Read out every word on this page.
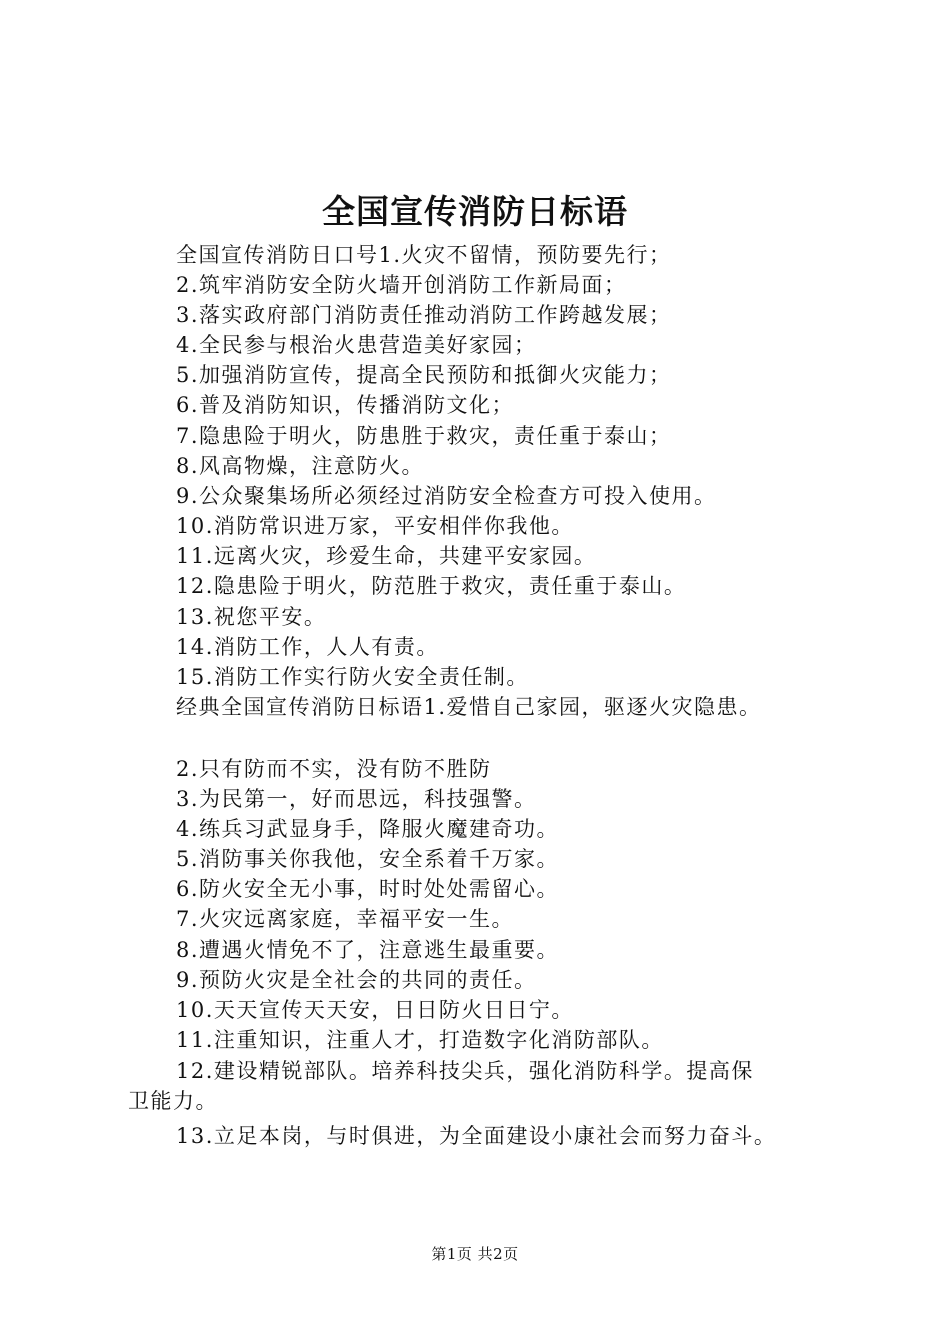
全国宣传消防日标语
全国宣传消防日口号1.火灾不留情，预防要先行；
2.筑牢消防安全防火墙开创消防工作新局面；
3.落实政府部门消防责任推动消防工作跨越发展；
4.全民参与根治火患营造美好家园；
5.加强消防宣传，提高全民预防和抵御火灾能力；
6.普及消防知识，传播消防文化；
7.隐患险于明火，防患胜于救灾，责任重于泰山；
8.风高物燥，注意防火。
9.公众聚集场所必须经过消防安全检查方可投入使用。
10.消防常识进万家，平安相伴你我他。
11.远离火灾，珍爱生命，共建平安家园。
12.隐患险于明火，防范胜于救灾，责任重于泰山。
13.祝您平安。
14.消防工作，人人有责。
15.消防工作实行防火安全责任制。
经典全国宣传消防日标语1.爱惜自己家园，驱逐火灾隐患。
2.只有防而不实，没有防不胜防
3.为民第一，好而思远，科技强警。
4.练兵习武显身手，降服火魔建奇功。
5.消防事关你我他，安全系着千万家。
6.防火安全无小事，时时处处需留心。
7.火灾远离家庭，幸福平安一生。
8.遭遇火情免不了，注意逃生最重要。
9.预防火灾是全社会的共同的责任。
10.天天宣传天天安，日日防火日日宁。
11.注重知识，注重人才，打造数字化消防部队。
12.建设精锐部队。培养科技尖兵，强化消防科学。提高保
卫能力。
13.立足本岗，与时俱进，为全面建设小康社会而努力奋斗。
第1页 共2页
